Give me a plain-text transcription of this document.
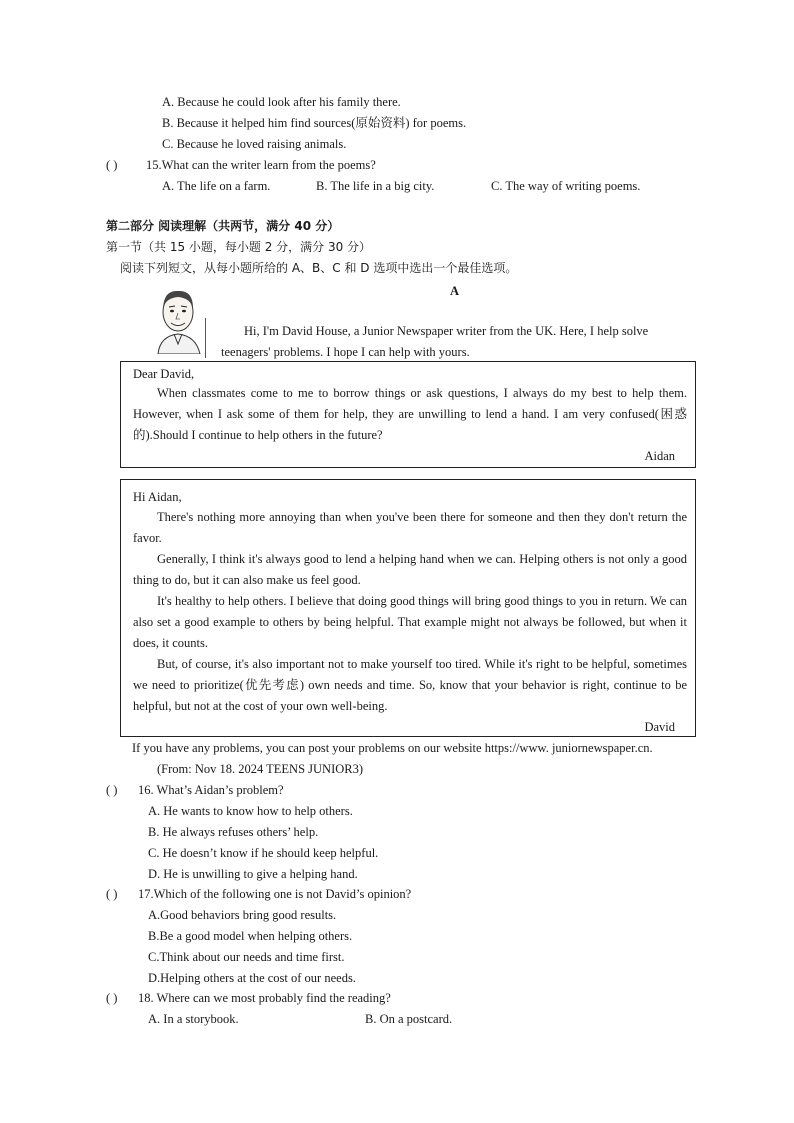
A. Because he could look after his family there.
B. Because it helped him find sources(原始资料) for poems.
C. Because he loved raising animals.
( ) 15.What can the writer learn from the poems?
A. The life on a farm.	B. The life in a big city.	C. The way of writing poems.
第二部分 阅读理解（共两节，满分 40 分）
第一节（共 15 小题，每小题 2 分，满分 30 分）
阅读下列短文，从每小题所给的 A、B、C 和 D 选项中选出一个最佳选项。
A
Hi, I'm David House, a Junior Newspaper writer from the UK. Here, I help solve
teenagers' problems. I hope I can help with yours.
Dear David,
When classmates come to me to borrow things or ask questions, I always do my best to help them. However, when I ask some of them for help, they are unwilling to lend a hand. I am very confused(困惑的).Should I continue to help others in the future?
Aidan
Hi Aidan,
There's nothing more annoying than when you've been there for someone and then they don't return the favor.
Generally, I think it's always good to lend a helping hand when we can. Helping others is not only a good thing to do, but it can also make us feel good.
It's healthy to help others. I believe that doing good things will bring good things to you in return. We can also set a good example to others by being helpful. That example might not always be followed, but when it does, it counts.
But, of course, it's also important not to make yourself too tired. While it's right to be helpful, sometimes we need to prioritize(优先考虑) own needs and time. So, know that your behavior is right, continue to be helpful, but not at the cost of your own well-being.
David
If you have any problems, you can post your problems on our website https://www. juniornewspaper.cn.
(From: Nov 18. 2024 TEENS JUNIOR3)
( ) 16. What’s Aidan’s problem?
A. He wants to know how to help others.
B. He always refuses others’ help.
C. He doesn’t know if he should keep helpful.
D. He is unwilling to give a helping hand.
( ) 17.Which of the following one is not David’s opinion?
A.Good behaviors bring good results.
B.Be a good model when helping others.
C.Think about our needs and time first.
D.Helping others at the cost of our needs.
( ) 18. Where can we most probably find the reading?
A. In a storybook.	B. On a postcard.
